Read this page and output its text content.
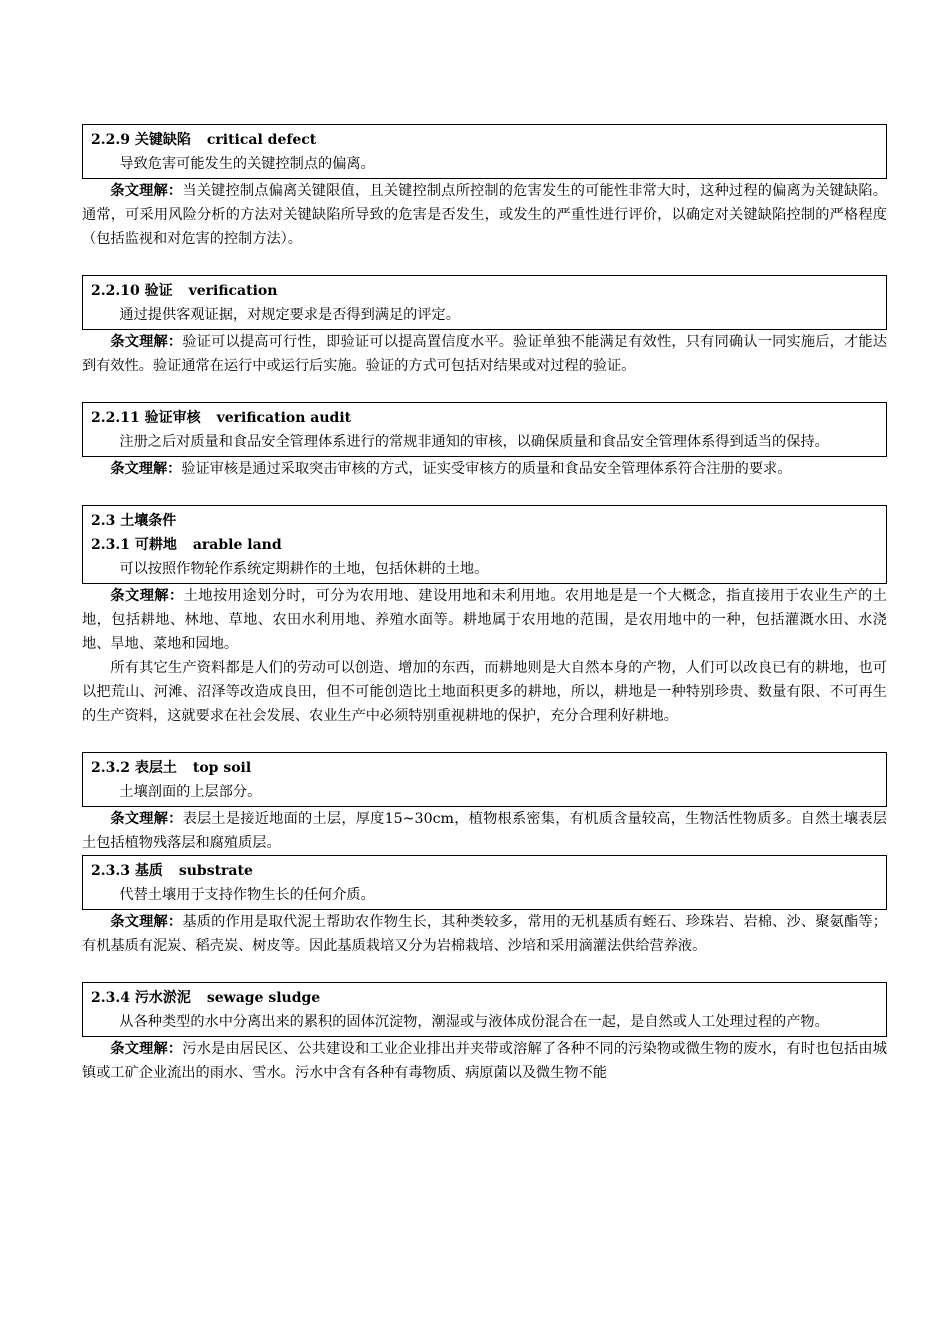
2.2.9 关键缺陷 critical defect
导致危害可能发生的关键控制点的偏离。

条文理解：当关键控制点偏离关键限值，且关键控制点所控制的危害发生的可能性非常大时，这种过程的偏离为关键缺陷。通常，可采用风险分析的方法对关键缺陷所导致的危害是否发生，或发生的严重性进行评价，以确定对关键缺陷控制的严格程度（包括监视和对危害的控制方法）。

2.2.10 验证 verification
通过提供客观证据，对规定要求是否得到满足的评定。

条文理解：验证可以提高可行性，即验证可以提高置信度水平。验证单独不能满足有效性，只有同确认一同实施后，才能达到有效性。验证通常在运行中或运行后实施。验证的方式可包括对结果或对过程的验证。

2.2.11 验证审核 verification audit
注册之后对质量和食品安全管理体系进行的常规非通知的审核，以确保质量和食品安全管理体系得到适当的保持。

条文理解：验证审核是通过采取突击审核的方式，证实受审核方的质量和食品安全管理体系符合注册的要求。

2.3 土壤条件
2.3.1 可耕地 arable land
可以按照作物轮作系统定期耕作的土地，包括休耕的土地。

条文理解：土地按用途划分时，可分为农用地、建设用地和未利用地。农用地是是一个大概念，指直接用于农业生产的土地，包括耕地、林地、草地、农田水利用地、养殖水面等。耕地属于农用地的范围，是农用地中的一种，包括灌溉水田、水浇地、旱地、菜地和园地。

所有其它生产资料都是人们的劳动可以创造、增加的东西，而耕地则是大自然本身的产物，人们可以改良已有的耕地，也可以把荒山、河滩、沼泽等改造成良田，但不可能创造比土地面积更多的耕地，所以，耕地是一种特别珍贵、数量有限、不可再生的生产资料，这就要求在社会发展、农业生产中必须特别重视耕地的保护，充分合理利好耕地。

2.3.2 表层土 top soil
土壤剖面的上层部分。

条文理解：表层土是接近地面的土层，厚度15~30cm，植物根系密集，有机质含量较高，生物活性物质多。自然土壤表层土包括植物残落层和腐殖质层。

2.3.3 基质 substrate
代替土壤用于支持作物生长的任何介质。

条文理解：基质的作用是取代泥土帮助农作物生长，其种类较多，常用的无机基质有蛭石、珍珠岩、岩棉、沙、聚氨酯等；有机基质有泥炭、稻壳炭、树皮等。因此基质栽培又分为岩棉栽培、沙培和采用滴灌法供给营养液。

2.3.4 污水淤泥 sewage sludge
从各种类型的水中分离出来的累积的固体沉淀物，潮湿或与液体成份混合在一起，是自然或人工处理过程的产物。

条文理解：污水是由居民区、公共建设和工业企业排出并夹带或溶解了各种不同的污染物或微生物的废水，有时也包括由城镇或工矿企业流出的雨水、雪水。污水中含有各种有毒物质、病原菌以及微生物不能
